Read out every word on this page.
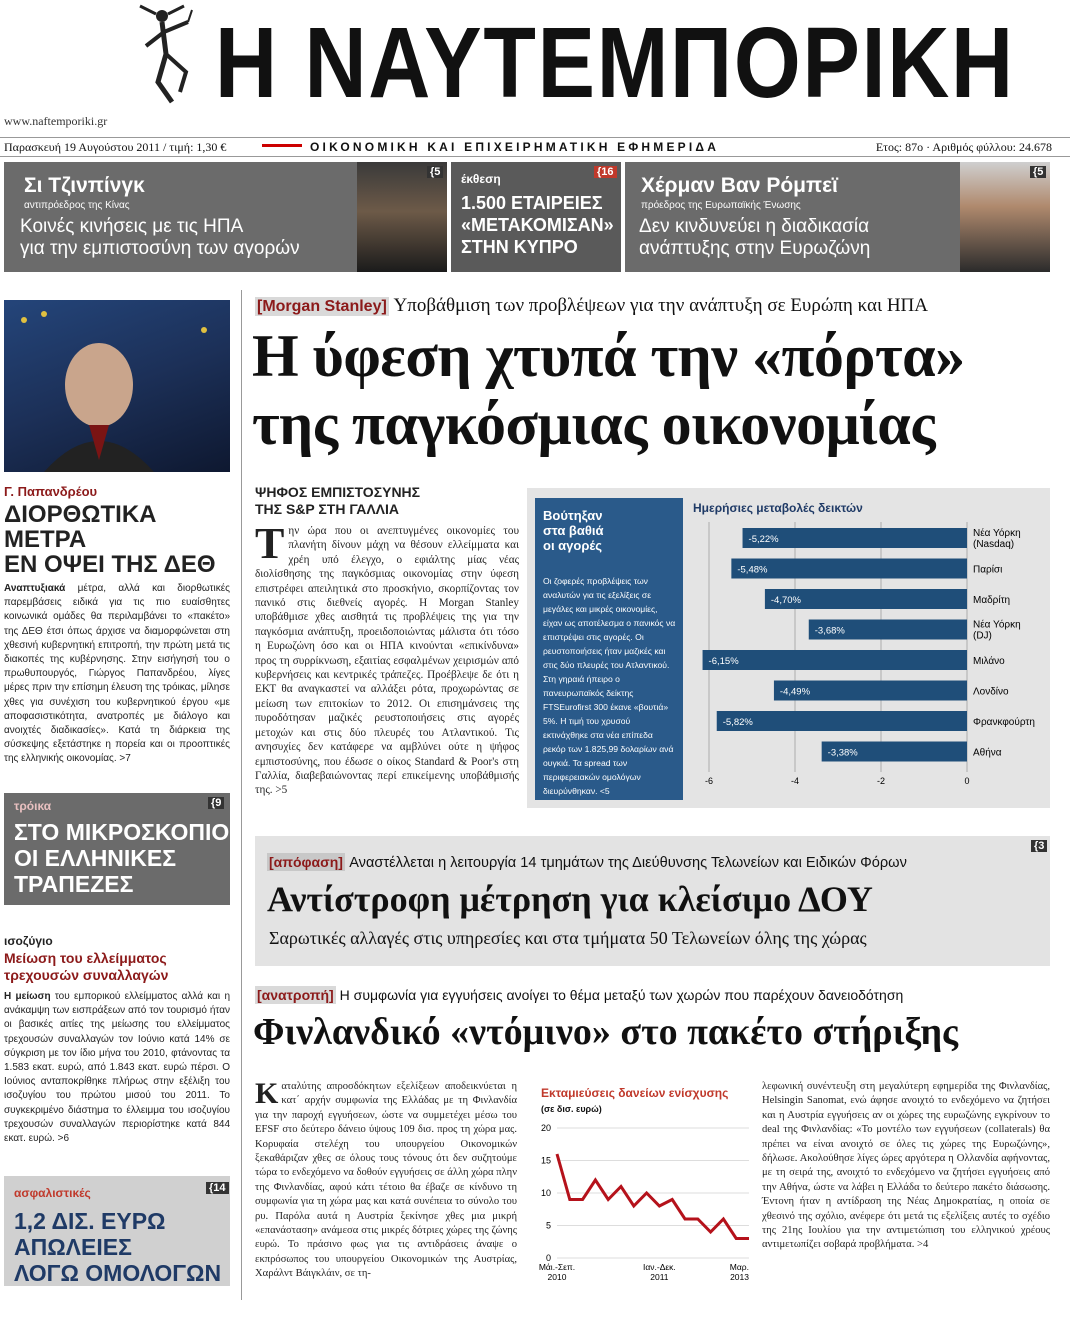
www.naftemporiki.gr
Η ΝΑΥΤΕΜΠΟΡΙΚΗ
Παρασκευή 19 Αυγούστου 2011 / τιμή: 1,30 €	ΟΙΚΟΝΟΜΙΚΗ ΚΑΙ ΕΠΙΧΕΙΡΗΜΑΤΙΚΗ ΕΦΗΜΕΡΙΔΑ	Ετος: 87ο · Αριθμός φύλλου: 24.678
Σι Τζινπίνγκ
αντιπρόεδρος της Κίνας
Κοινές κινήσεις με τις ΗΠΑ
για την εμπιστοσύνη των αγορών
{5 έκθεση
1.500 ΕΤΑΙΡΕΙΕΣ
«ΜΕΤΑΚΟΜΙΣΑΝ»
ΣΤΗΝ ΚΥΠΡΟ
{16
Χέρμαν Βαν Ρόμπεϊ
πρόεδρος της Ευρωπαϊκής Ένωσης
Δεν κινδυνεύει η διαδικασία
ανάπτυξης στην Ευρωζώνη
{5
Γ. Παπανδρέου
ΔΙΟΡΘΩΤΙΚΑ
ΜΕΤΡΑ
ΕΝ ΟΨΕΙ ΤΗΣ ΔΕΘ
Αναπτυξιακά μέτρα, αλλά και διορθωτικές παρεμβάσεις ειδικά για τις πιο ευαίσθητες κοινωνικά ομάδες θα περιλαμβάνει το «πακέτο» της ΔΕΘ έτσι όπως άρχισε να διαμορφώνεται στη χθεσινή κυβερνητική επιτροπή, την πρώτη μετά τις διακοπές της κυβέρνησης. Στην εισήγησή του ο πρωθυπουργός, Γιώργος Παπανδρέου, λίγες μέρες πριν την επίσημη έλευση της τρόικας, μίλησε χθες για συνέχιση του κυβερνητικού έργου «με αποφασιστικότητα, ανατροπές με διάλογο και ανοιχτές διαδικασίες». Κατά τη διάρκεια της σύσκεψης εξετάστηκε η πορεία και οι προοπτικές της ελληνικής οικονομίας. >7
τρόικα
ΣΤΟ ΜΙΚΡΟΣΚΟΠΙΟ
ΟΙ ΕΛΛΗΝΙΚΕΣ
ΤΡΑΠΕΖΕΣ
{9
ισοζύγιο
Μείωση του ελλείμματος
τρεχουσών συναλλαγών
Η μείωση του εμπορικού ελλείμματος αλλά και η ανάκαμψη των εισπράξεων από τον τουρισμό ήταν οι βασικές αιτίες της μείωσης του ελλείμματος τρεχουσών συναλλαγών τον Ιούνιο κατά 14% σε σύγκριση με τον ίδιο μήνα του 2010, φτάνοντας τα 1.583 εκατ. ευρώ, από 1.843 εκατ. ευρώ πέρσι. Ο Ιούνιος ανταποκρίθηκε πλήρως στην εξέλιξη του ισοζυγίου του πρώτου μισού του 2011. Το συγκεκριμένο διάστημα το έλλειμμα του ισοζυγίου τρεχουσών συναλλαγών περιορίστηκε κατά 844 εκατ. ευρώ. >6
ασφαλιστικές
1,2 ΔΙΣ. ΕΥΡΩ
ΑΠΩΛΕΙΕΣ
ΛΟΓΩ ΟΜΟΛΟΓΩΝ
{14
[Morgan Stanley] Υποβάθμιση των προβλέψεων για την ανάπτυξη σε Ευρώπη και ΗΠΑ
Η ύφεση χτυπά την «πόρτα»
της παγκόσμιας οικονομίας
ΨΗΦΟΣ ΕΜΠΙΣΤΟΣΥΝΗΣ
ΤΗΣ S&P ΣΤΗ ΓΑΛΛΙΑ
Την ώρα που οι ανεπτυγμένες οικονομίες του πλανήτη δίνουν μάχη να θέσουν ελλείμματα και χρέη υπό έλεγχο, ο εφιάλτης μίας νέας διολίσθησης της παγκόσμιας οικονομίας στην ύφεση επιστρέφει απειλητικά στο προσκήνιο, σκορπίζοντας τον πανικό στις διεθνείς αγορές. Η Morgan Stanley υποβάθμισε χθες αισθητά τις προβλέψεις της για την παγκόσμια ανάπτυξη, προειδοποιώντας μάλιστα ότι τόσο η Ευρωζώνη όσο και οι ΗΠΑ κινούνται «επικίνδυνα» προς τη συρρίκνωση, εξαιτίας εσφαλμένων χειρισμών από κυβερνήσεις και κεντρικές τράπεζες. Προέβλεψε δε ότι η ΕΚΤ θα αναγκαστεί να αλλάξει ρότα, προχωρώντας σε μείωση των επιτοκίων το 2012. Οι επισημάνσεις της πυροδότησαν μαζικές ρευστοποιήσεις στις αγορές μετοχών και στις δύο πλευρές του Ατλαντικού. Τις ανησυχίες δεν κατάφερε να αμβλύνει ούτε η ψήφος εμπιστοσύνης, που έδωσε ο οίκος Standard & Poor's στη Γαλλία, διαβεβαιώνοντας περί επικείμενης υποβάθμισής της. >5
Βούτηξαν
στα βαθιά
οι αγορές
Οι ζοφερές προβλέψεις των αναλυτών για τις εξελίξεις σε μεγάλες και μικρές οικονομίες, είχαν ως αποτέλεσμα ο πανικός να επιστρέψει στις αγορές. Οι ρευστοποιήσεις ήταν μαζικές και στις δύο πλευρές του Ατλαντικού. Στη γηραιά ήπειρο ο πανευρωπαϊκός δείκτης FTSEurofirst 300 έκανε «βουτιά» 5%. Η τιμή του χρυσού εκτινάχθηκε στα νέα επίπεδα ρεκόρ των 1.825,99 δολαρίων ανά ουγκιά. Τα spread των περιφερειακών ομολόγων διευρύνθηκαν. <5
Ημερήσιες μεταβολές δεικτών
-6	-4	-2	0
-5,22%
Νέα Υόρκη
(Nasdaq)
-5,48%	Παρίσι
-4,70%	Μαδρίτη
-3,68%
Νέα Υόρκη
(DJ)
-6,15%	Μιλάνο
-4,49%	Λονδίνο
-5,82%	Φρανκφούρτη
-3,38%	Αθήνα
[απόφαση] Αναστέλλεται η λειτουργία 14 τμημάτων της Διεύθυνσης Τελωνείων και Ειδικών Φόρων
Αντίστροφη μέτρηση για κλείσιμο ΔΟΥ
Σαρωτικές αλλαγές στις υπηρεσίες και στα τμήματα 50 Τελωνείων όλης της χώρας
{3
[ανατροπή] Η συμφωνία για εγγυήσεις ανοίγει το θέμα μεταξύ των χωρών που παρέχουν δανειοδότηση
Φινλανδικό «ντόμινο» στο πακέτο στήριξης
Καταλύτης απροσδόκητων εξελίξεων αποδεικνύεται η κατ΄ αρχήν συμφωνία της Ελλάδας με τη Φινλανδία για την παροχή εγγυήσεων, ώστε να συμμετέχει μέσω του EFSF στο δεύτερο δάνειο ύψους 109 δισ. προς τη χώρα μας. Κορυφαία στελέχη του υπουργείου Οικονομικών ξεκαθάριζαν χθες σε όλους τους τόνους ότι δεν συζητούμε τώρα το ενδεχόμενο να δοθούν εγγυήσεις σε άλλη χώρα πλην της Φινλανδίας, αφού κάτι τέτοιο θα έβαζε σε κίνδυνο τη συμφωνία για τη χώρα μας και κατά συνέπεια το σύνολο του ρυ. Παρόλα αυτά η Αυστρία ξεκίνησε χθες μια μικρή «επανάσταση» ανάμεσα στις μικρές δότριες χώρες της ζώνης ευρώ. Το πράσινο φως για τις αντιδράσεις άναψε ο εκπρόσωπος του υπουργείου Οικονομικών της Αυστρίας, Χαράλντ Βάιγκλάιν, σε τη-
Εκταμιεύσεις δανείων ενίσχυσης
(σε δισ. ευρώ)
0
5
10
15
20
Μάι.-Σεπ.
2010
Ιαν.-Δεκ.
2011
Μαρ.
2013
λεφωνική συνέντευξη στη μεγαλύτερη εφημερίδα της Φινλανδίας, Helsingin Sanomat, ενώ άφησε ανοιχτό το ενδεχόμενο να ζητήσει και η Αυστρία εγγυήσεις αν οι χώρες της ευρωζώνης εγκρίνουν το deal της Φινλανδίας: «Το μοντέλο των εγγυήσεων (collaterals) θα πρέπει να είναι ανοιχτό σε όλες τις χώρες της Ευρωζώνης», δήλωσε. Ακολούθησε λίγες ώρες αργότερα η Ολλανδία αφήνοντας, με τη σειρά της, ανοιχτό το ενδεχόμενο να ζητήσει εγγυήσεις από την Αθήνα, ώστε να λάβει η Ελλάδα το δεύτερο πακέτο διάσωσης. Έντονη ήταν η αντίδραση της Νέας Δημοκρατίας, η οποία σε χθεσινό της σχόλιο, ανέφερε ότι μετά τις εξελίξεις αυτές το σχέδιο της 21ης Ιουλίου για την αντιμετώπιση του ελληνικού χρέους αντιμετωπίζει σοβαρά προβλήματα. >4
